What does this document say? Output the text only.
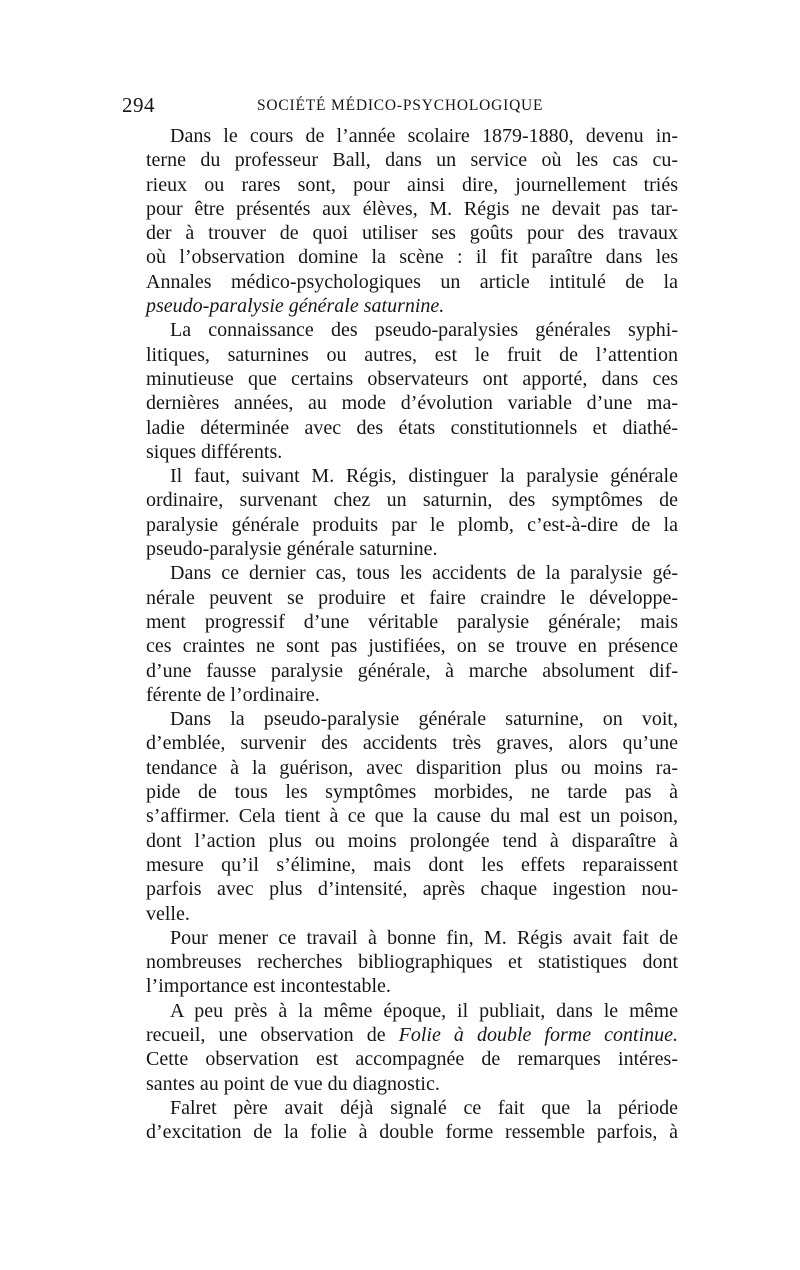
294	SOCIÉTÉ MÉDICO-PSYCHOLOGIQUE
Dans le cours de l’année scolaire 1879-1880, devenu in-
terne du professeur Ball, dans un service où les cas cu-
rieux ou rares sont, pour ainsi dire, journellement triés
pour être présentés aux élèves, M. Régis ne devait pas tar-
der à trouver de quoi utiliser ses goûts pour des travaux
où l’observation domine la scène : il fit paraître dans les
Annales médico-psychologiques un article intitulé de la
pseudo-paralysie générale saturnine.
La connaissance des pseudo-paralysies générales syphi-
litiques, saturnines ou autres, est le fruit de l’attention
minutieuse que certains observateurs ont apporté, dans ces
dernières années, au mode d’évolution variable d’une ma-
ladie déterminée avec des états constitutionnels et diathé-
siques différents.
Il faut, suivant M. Régis, distinguer la paralysie générale
ordinaire, survenant chez un saturnin, des symptômes de
paralysie générale produits par le plomb, c’est-à-dire de la
pseudo-paralysie générale saturnine.
Dans ce dernier cas, tous les accidents de la paralysie gé-
nérale peuvent se produire et faire craindre le développe-
ment progressif d’une véritable paralysie générale; mais
ces craintes ne sont pas justifiées, on se trouve en présence
d’une fausse paralysie générale, à marche absolument dif-
férente de l’ordinaire.
Dans la pseudo-paralysie générale saturnine, on voit,
d’emblée, survenir des accidents très graves, alors qu’une
tendance à la guérison, avec disparition plus ou moins ra-
pide de tous les symptômes morbides, ne tarde pas à
s’affirmer. Cela tient à ce que la cause du mal est un poison,
dont l’action plus ou moins prolongée tend à disparaître à
mesure qu’il s’élimine, mais dont les effets reparaissent
parfois avec plus d’intensité, après chaque ingestion nou-
velle.
Pour mener ce travail à bonne fin, M. Régis avait fait de
nombreuses recherches bibliographiques et statistiques dont
l’importance est incontestable.
A peu près à la même époque, il publiait, dans le même
recueil, une observation de Folie à double forme continue.
Cette observation est accompagnée de remarques intéres-
santes au point de vue du diagnostic.
Falret père avait déjà signalé ce fait que la période
d’excitation de la folie à double forme ressemble parfois, à
